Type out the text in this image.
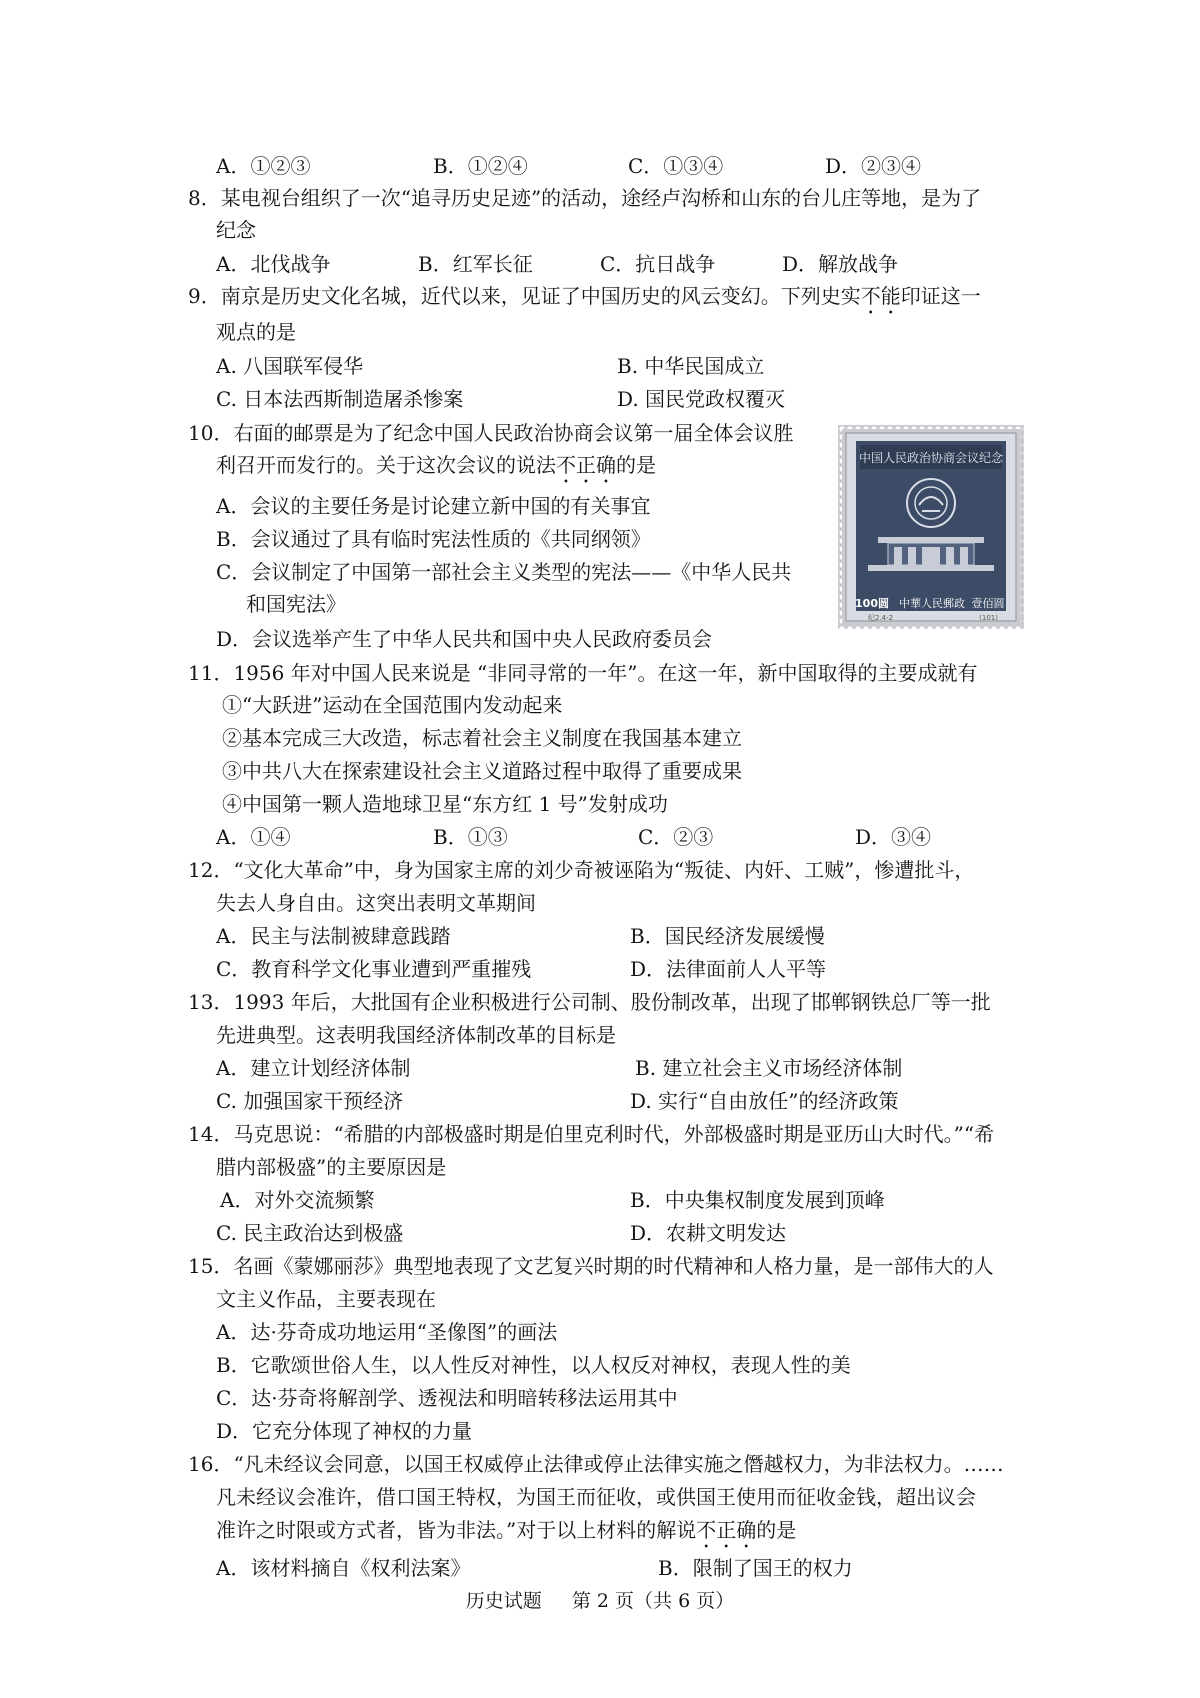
A．①②③	B．①②④	C．①③④	D．②③④
8．某电视台组织了一次“追寻历史足迹”的活动，途经卢沟桥和山东的台儿庄等地，是为了
纪念
A．北伐战争	B．红军长征	C．抗日战争	D．解放战争
9．南京是历史文化名城，近代以来，见证了中国历史的风云变幻。下列史实不能印证这一
观点的是
A. 八国联军侵华	B. 中华民国成立
C. 日本法西斯制造屠杀惨案	D. 国民党政权覆灭
10．右面的邮票是为了纪念中国人民政治协商会议第一届全体会议胜
利召开而发行的。关于这次会议的说法不正确的是
A．会议的主要任务是讨论建立新中国的有关事宜
B．会议通过了具有临时宪法性质的《共同纲领》
C．会议制定了中国第一部社会主义类型的宪法——《中华人民共
和国宪法》
D．会议选举产生了中华人民共和国中央人民政府委员会
中国人民政治协商会议纪念
100圆 中華人民郵政 壹佰圆
纪2.4-2	(101)
11．1956 年对中国人民来说是 “非同寻常的一年”。在这一年，新中国取得的主要成就有
①“大跃进”运动在全国范围内发动起来
②基本完成三大改造，标志着社会主义制度在我国基本建立
③中共八大在探索建设社会主义道路过程中取得了重要成果
④中国第一颗人造地球卫星“东方红 1 号”发射成功
A．①④	B．①③	C．②③	D．③④
12．“文化大革命”中，身为国家主席的刘少奇被诬陷为“叛徒、内奸、工贼”，惨遭批斗，
失去人身自由。这突出表明文革期间
A．民主与法制被肆意践踏	B．国民经济发展缓慢
C．教育科学文化事业遭到严重摧残	D．法律面前人人平等
13．1993 年后，大批国有企业积极进行公司制、股份制改革，出现了邯郸钢铁总厂等一批
先进典型。这表明我国经济体制改革的目标是
A．建立计划经济体制	B. 建立社会主义市场经济体制
C. 加强国家干预经济	D. 实行“自由放任”的经济政策
14．马克思说：“希腊的内部极盛时期是伯里克利时代，外部极盛时期是亚历山大时代。”“希
腊内部极盛”的主要原因是
A．对外交流频繁	B．中央集权制度发展到顶峰
C. 民主政治达到极盛	D．农耕文明发达
15．名画《蒙娜丽莎》典型地表现了文艺复兴时期的时代精神和人格力量，是一部伟大的人
文主义作品，主要表现在
A．达·芬奇成功地运用“圣像图”的画法
B．它歌颂世俗人生，以人性反对神性，以人权反对神权，表现人性的美
C．达·芬奇将解剖学、透视法和明暗转移法运用其中
D．它充分体现了神权的力量
16．“凡未经议会同意，以国王权威停止法律或停止法律实施之僭越权力，为非法权力。……
凡未经议会准许，借口国王特权，为国王而征收，或供国王使用而征收金钱，超出议会
准许之时限或方式者，皆为非法。”对于以上材料的解说不正确的是
A．该材料摘自《权利法案》	B．限制了国王的权力
历史试题 第 2 页（共 6 页）
